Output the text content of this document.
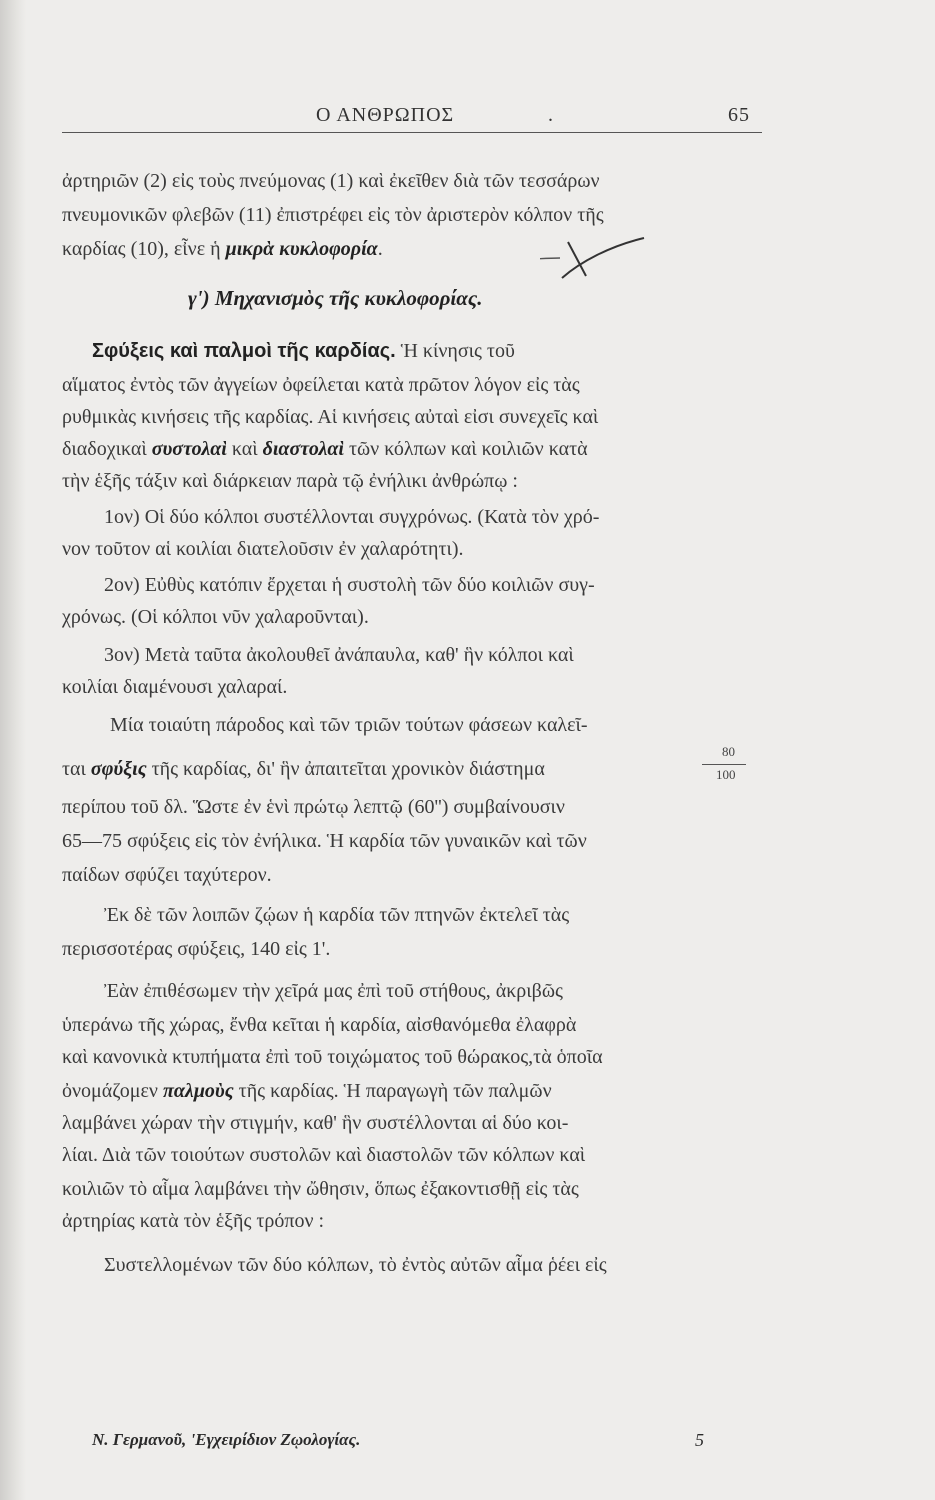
Ο ΑΝΘΡΩΠΟΣ	.	65
ἀρτηριῶν (2) εἰς τοὺς πνεύμονας (1) καὶ ἐκεῖθεν διὰ τῶν τεσσάρων
πνευμονικῶν φλεβῶν (11) ἐπιστρέφει εἰς τὸν ἀριστερὸν κόλπον τῆς
καρδίας (10), εἶνε ἡ μικρὰ κυκλοφορία.
γ') Μηχανισμὸς τῆς κυκλοφορίας.
Σφύξεις καὶ παλμοὶ τῆς καρδίας. Ἡ κίνησις τοῦ
αἵματος ἐντὸς τῶν ἀγγείων ὀφείλεται κατὰ πρῶτον λόγον εἰς τὰς
ρυθμικὰς κινήσεις τῆς καρδίας. Αἱ κινήσεις αὐταὶ εἰσι συνεχεῖς καὶ
διαδοχικαὶ συστολαὶ καὶ διαστολαὶ τῶν κόλπων καὶ κοιλιῶν κατὰ
τὴν ἑξῆς τάξιν καὶ διάρκειαν παρὰ τῷ ἐνήλικι ἀνθρώπῳ :
1ον) Οἱ δύο κόλποι συστέλλονται συγχρόνως. (Κατὰ τὸν χρό-
νον τοῦτον αἱ κοιλίαι διατελοῦσιν ἐν χαλαρότητι).
2ον) Εὐθὺς κατόπιν ἔρχεται ἡ συστολὴ τῶν δύο κοιλιῶν συγ-
χρόνως. (Οἱ κόλποι νῦν χαλαροῦνται).
3ον) Μετὰ ταῦτα ἀκολουθεῖ ἀνάπαυλα, καθ' ἣν κόλποι καὶ
κοιλίαι διαμένουσι χαλαραί.
Μία τοιαύτη πάροδος καὶ τῶν τριῶν τούτων φάσεων καλεῖ-
ται σφύξις τῆς καρδίας, δι' ἣν ἀπαιτεῖται χρονικὸν διάστημα
80
100
περίπου τοῦ δλ. Ὥστε ἐν ἑνὶ πρώτῳ λεπτῷ (60'') συμβαίνουσιν
65—75 σφύξεις εἰς τὸν ἐνήλικα. Ἡ καρδία τῶν γυναικῶν καὶ τῶν
παίδων σφύζει ταχύτερον.
Ἐκ δὲ τῶν λοιπῶν ζῴων ἡ καρδία τῶν πτηνῶν ἐκτελεῖ τὰς
περισσοτέρας σφύξεις, 140 εἰς 1'.
Ἐὰν ἐπιθέσωμεν τὴν χεῖρά μας ἐπὶ τοῦ στήθους, ἀκριβῶς
ὑπεράνω τῆς χώρας, ἔνθα κεῖται ἡ καρδία, αἰσθανόμεθα ἐλαφρὰ
καὶ κανονικὰ κτυπήματα ἐπὶ τοῦ τοιχώματος τοῦ θώρακος,τὰ ὁποῖα
ὀνομάζομεν παλμοὺς τῆς καρδίας. Ἡ παραγωγὴ τῶν παλμῶν
λαμβάνει χώραν τὴν στιγμήν, καθ' ἣν συστέλλονται αἱ δύο κοι-
λίαι. Διὰ τῶν τοιούτων συστολῶν καὶ διαστολῶν τῶν κόλπων καὶ
κοιλιῶν τὸ αἷμα λαμβάνει τὴν ὤθησιν, ὅπως ἐξακοντισθῇ εἰς τὰς
ἀρτηρίας κατὰ τὸν ἑξῆς τρόπον :
Συστελλομένων τῶν δύο κόλπων, τὸ ἐντὸς αὐτῶν αἷμα ῥέει εἰς
Ν. Γερμανοῦ, 'Εγχειρίδιον Ζῳολογίας.	5
